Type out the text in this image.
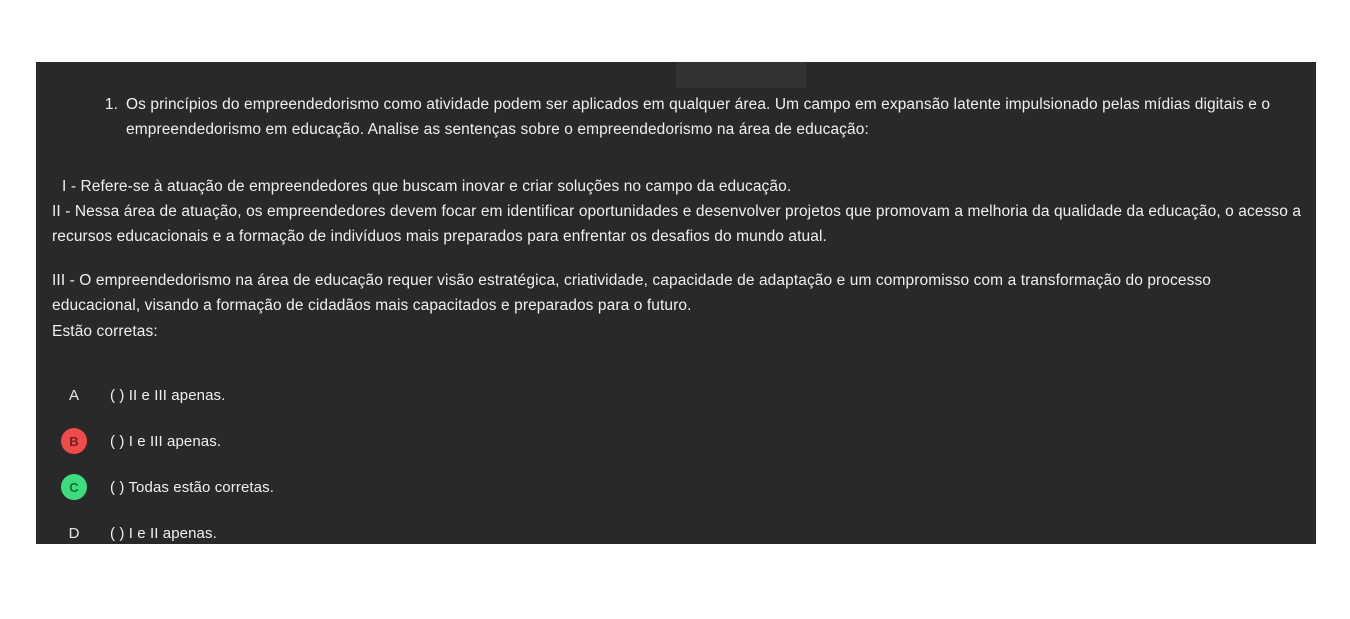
1. Os princípios do empreendedorismo como atividade podem ser aplicados em qualquer área. Um campo em expansão latente impulsionado pelas mídias digitais e o empreendedorismo em educação. Analise as sentenças sobre o empreendedorismo na área de educação:
I - Refere-se à atuação de empreendedores que buscam inovar e criar soluções no campo da educação.
II - Nessa área de atuação, os empreendedores devem focar em identificar oportunidades e desenvolver projetos que promovam a melhoria da qualidade da educação, o acesso a recursos educacionais e a formação de indivíduos mais preparados para enfrentar os desafios do mundo atual.
III - O empreendedorismo na área de educação requer visão estratégica, criatividade, capacidade de adaptação e um compromisso com a transformação do processo educacional, visando a formação de cidadãos mais capacitados e preparados para o futuro.
Estão corretas:
A	( ) II e III apenas.
B	( ) I e III apenas.
C	( ) Todas estão corretas.
D	( ) I e II apenas.
